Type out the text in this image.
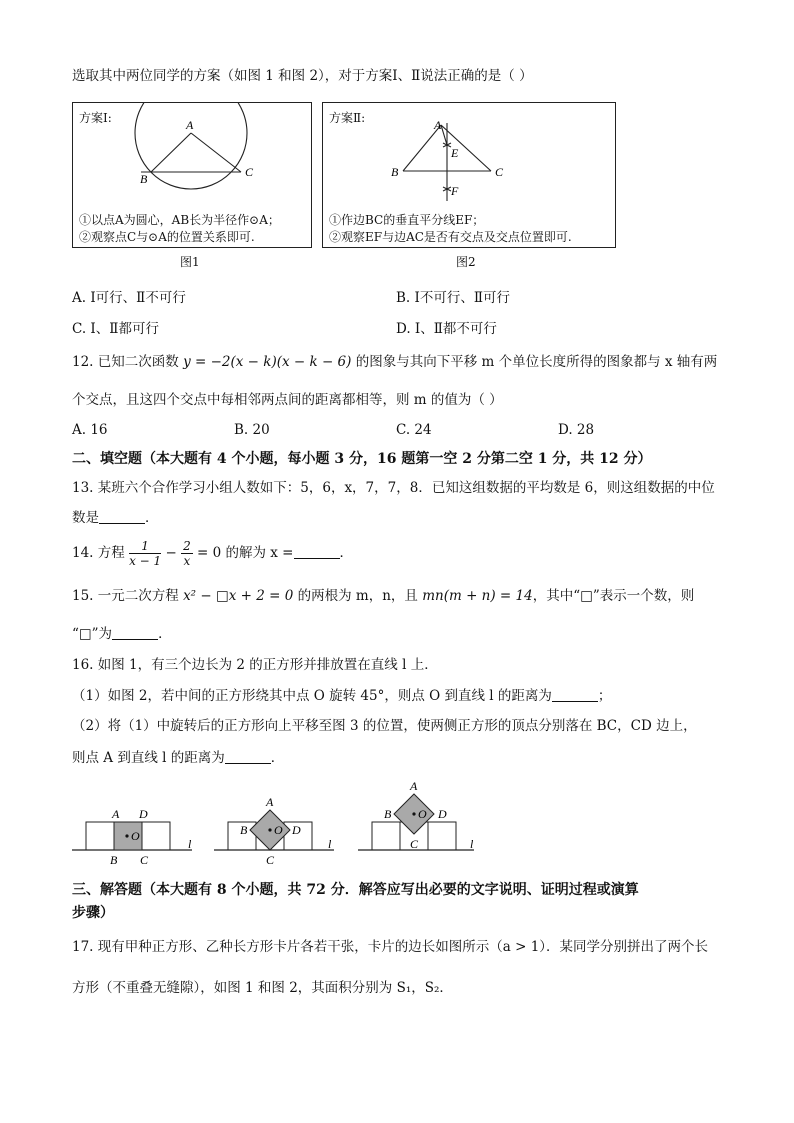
选取其中两位同学的方案（如图 1 和图 2），对于方案Ⅰ、Ⅱ说法正确的是（ ）
方案Ⅰ:	A
B	C
①以点A为圆心，AB长为半径作⊙A；
②观察点C与⊙A的位置关系即可.
图1
方案Ⅱ:	A
B	C
E
F
①作边BC的垂直平分线EF；
②观察EF与边AC是否有交点及交点位置即可.
图2
A. Ⅰ可行、Ⅱ不可行	B. Ⅰ不可行、Ⅱ可行
C. Ⅰ、Ⅱ都可行	D. Ⅰ、Ⅱ都不可行
12. 已知二次函数 y = −2(x − k)(x − k − 6) 的图象与其向下平移 m 个单位长度所得的图象都与 x 轴有两
个交点，且这四个交点中每相邻两点间的距离都相等，则 m 的值为（ ）
A. 16	B. 20	C. 24	D. 28
二、填空题（本大题有 4 个小题，每小题 3 分，16 题第一空 2 分第二空 1 分，共 12 分）
13. 某班六个合作学习小组人数如下：5，6，x，7，7，8．已知这组数据的平均数是 6，则这组数据的中位
数是	．
14. 方程 $\frac{1}{x - 1} - \frac{2}{x} = 0$ 的解为 x =	．
15. 一元二次方程 x² − □x + 2 = 0 的两根为 m，n，且 mn(m + n) = 14，其中“□”表示一个数，则
“□”为	．
16. 如图 1，有三个边长为 2 的正方形并排放置在直线 l 上．
（1）如图 2，若中间的正方形绕其中点 O 旋转 45°，则点 O 到直线 l 的距离为	；
（2）将（1）中旋转后的正方形向上平移至图 3 的位置，使两侧正方形的顶点分别落在 BC，CD 边上，
则点 A 到直线 l 的距离为	．
A D
O
B C
l
A
B O D
C
l
A
B O D
C	l
三、解答题（本大题有 8 个小题，共 72 分．解答应写出必要的文字说明、证明过程或演算
步骤）
17. 现有甲种正方形、乙种长方形卡片各若干张，卡片的边长如图所示（a > 1）．某同学分别拼出了两个长
方形（不重叠无缝隙），如图 1 和图 2，其面积分别为 S₁，S₂．
